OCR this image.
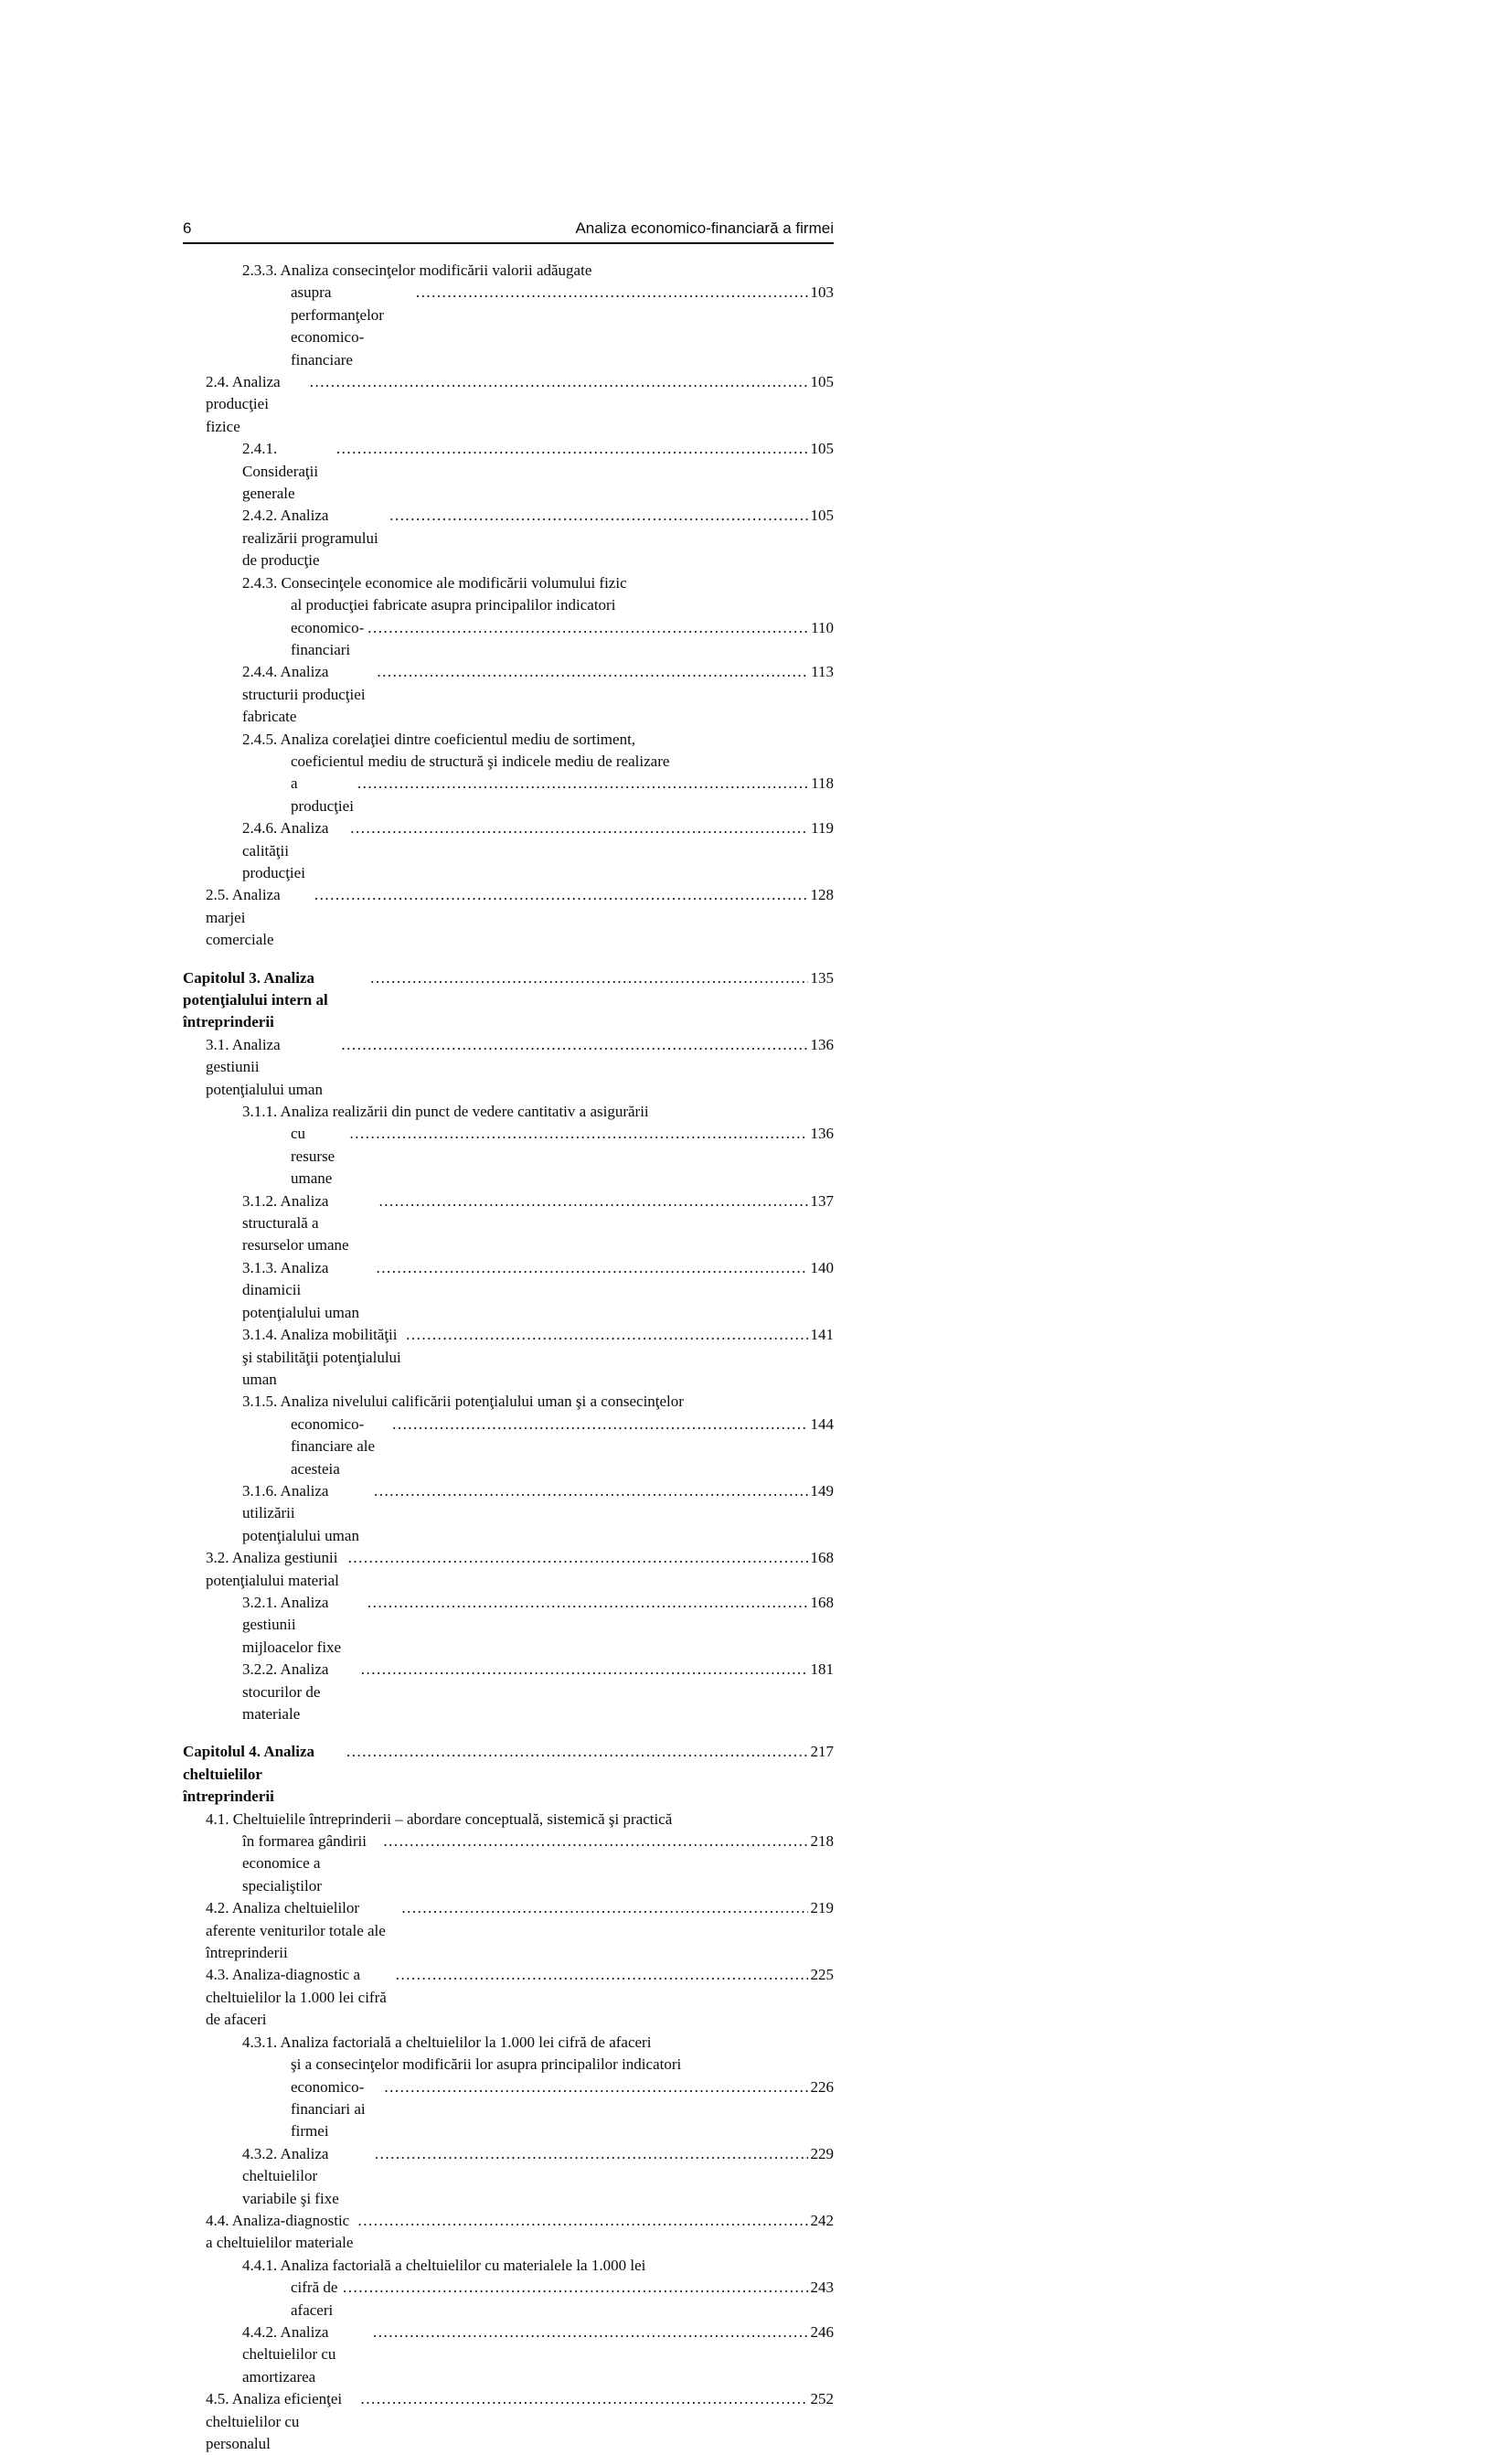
6	Analiza economico-financiară a firmei
2.3.3. Analiza consecinţelor modificării valorii adăugate
asupra performanţelor economico-financiare
.....
103
2.4. Analiza producţiei fizice
.....
105
2.4.1. Consideraţii generale
.....
105
2.4.2. Analiza realizării programului de producţie
.....
105
2.4.3. Consecinţele economice ale modificării volumului fizic
al producţiei fabricate asupra principalilor indicatori
economico-financiari
.....
110
2.4.4. Analiza structurii producţiei fabricate
.....
113
2.4.5. Analiza corelaţiei dintre coeficientul mediu de sortiment,
coeficientul mediu de structură şi indicele mediu de realizare
a producţiei
.....
118
2.4.6. Analiza calităţii producţiei
.....
119
2.5. Analiza marjei comerciale
.....
128
Capitolul 3. Analiza potenţialului intern al întreprinderii
.....
135
3.1. Analiza gestiunii potenţialului uman
.....
136
3.1.1. Analiza realizării din punct de vedere cantitativ a asigurării
cu resurse umane
.....
136
3.1.2. Analiza structurală a resurselor umane
.....
137
3.1.3. Analiza dinamicii potenţialului uman
.....
140
3.1.4. Analiza mobilităţii şi stabilităţii potenţialului uman
.....
141
3.1.5. Analiza nivelului calificării potenţialului uman şi a consecinţelor
economico-financiare ale acesteia
.....
144
3.1.6. Analiza utilizării potenţialului uman
.....
149
3.2. Analiza gestiunii potenţialului material
.....
168
3.2.1. Analiza gestiunii mijloacelor fixe
.....
168
3.2.2. Analiza stocurilor de materiale
.....
181
Capitolul 4. Analiza cheltuielilor întreprinderii
.....
217
4.1. Cheltuielile întreprinderii – abordare conceptuală, sistemică şi practică
în formarea gândirii economice a specialiştilor
.....
218
4.2. Analiza cheltuielilor aferente veniturilor totale ale întreprinderii
.....
219
4.3. Analiza-diagnostic a cheltuielilor la 1.000 lei cifră de afaceri
.....
225
4.3.1. Analiza factorială a cheltuielilor la 1.000 lei cifră de afaceri
şi a consecinţelor modificării lor asupra principalilor indicatori
economico-financiari ai firmei
.....
226
4.3.2. Analiza cheltuielilor variabile şi fixe
.....
229
4.4. Analiza-diagnostic a cheltuielilor materiale
.....
242
4.4.1. Analiza factorială a cheltuielilor cu materialele la 1.000 lei
cifră de afaceri
.....
243
4.4.2. Analiza cheltuielilor cu amortizarea
.....
246
4.5. Analiza eficienţei cheltuielilor cu personalul
.....
252
